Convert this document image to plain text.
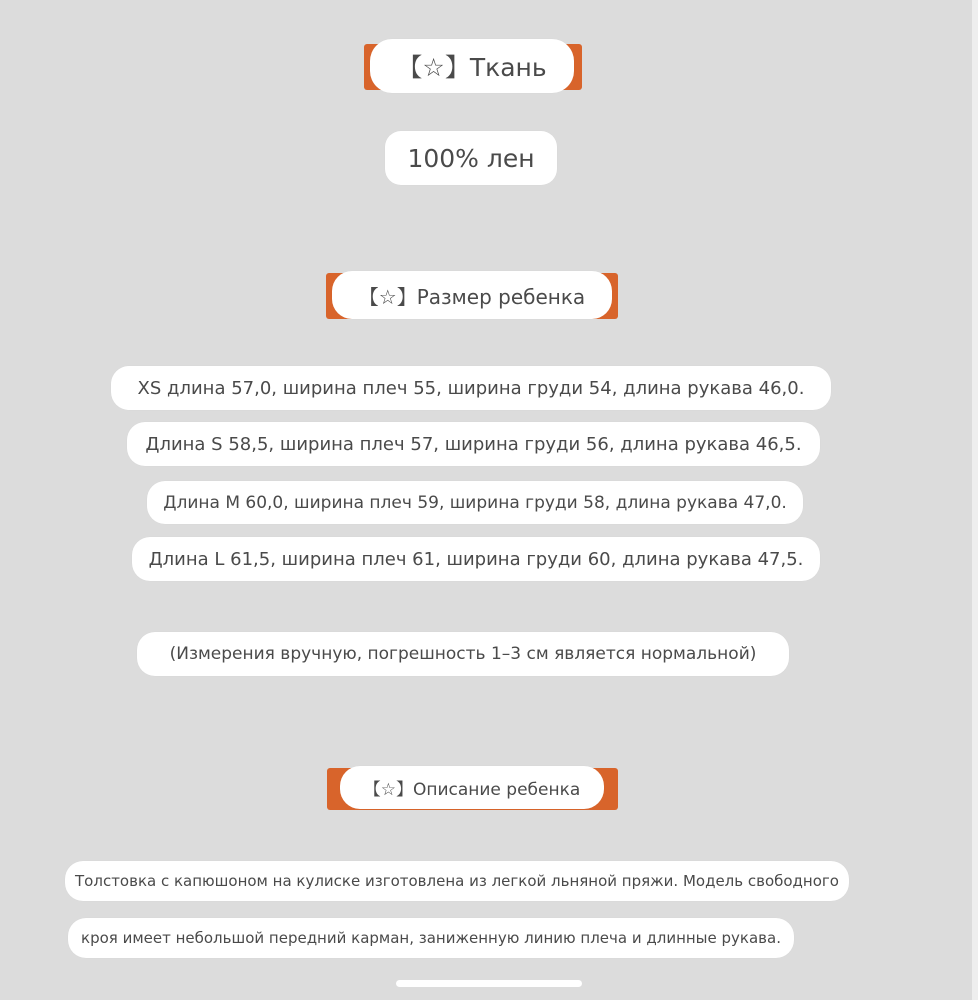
【☆】Ткань
100% лен
【☆】Размер ребенка
XS длина 57,0, ширина плеч 55, ширина груди 54, длина рукава 46,0.
Длина S 58,5, ширина плеч 57, ширина груди 56, длина рукава 46,5.
Длина M 60,0, ширина плеч 59, ширина груди 58, длина рукава 47,0.
Длина L 61,5, ширина плеч 61, ширина груди 60, длина рукава 47,5.
(Измерения вручную, погрешность 1–3 см является нормальной)
【☆】Описание ребенка
Толстовка с капюшоном на кулиске изготовлена из легкой льняной пряжи. Модель свободного
кроя имеет небольшой передний карман, заниженную линию плеча и длинные рукава.
